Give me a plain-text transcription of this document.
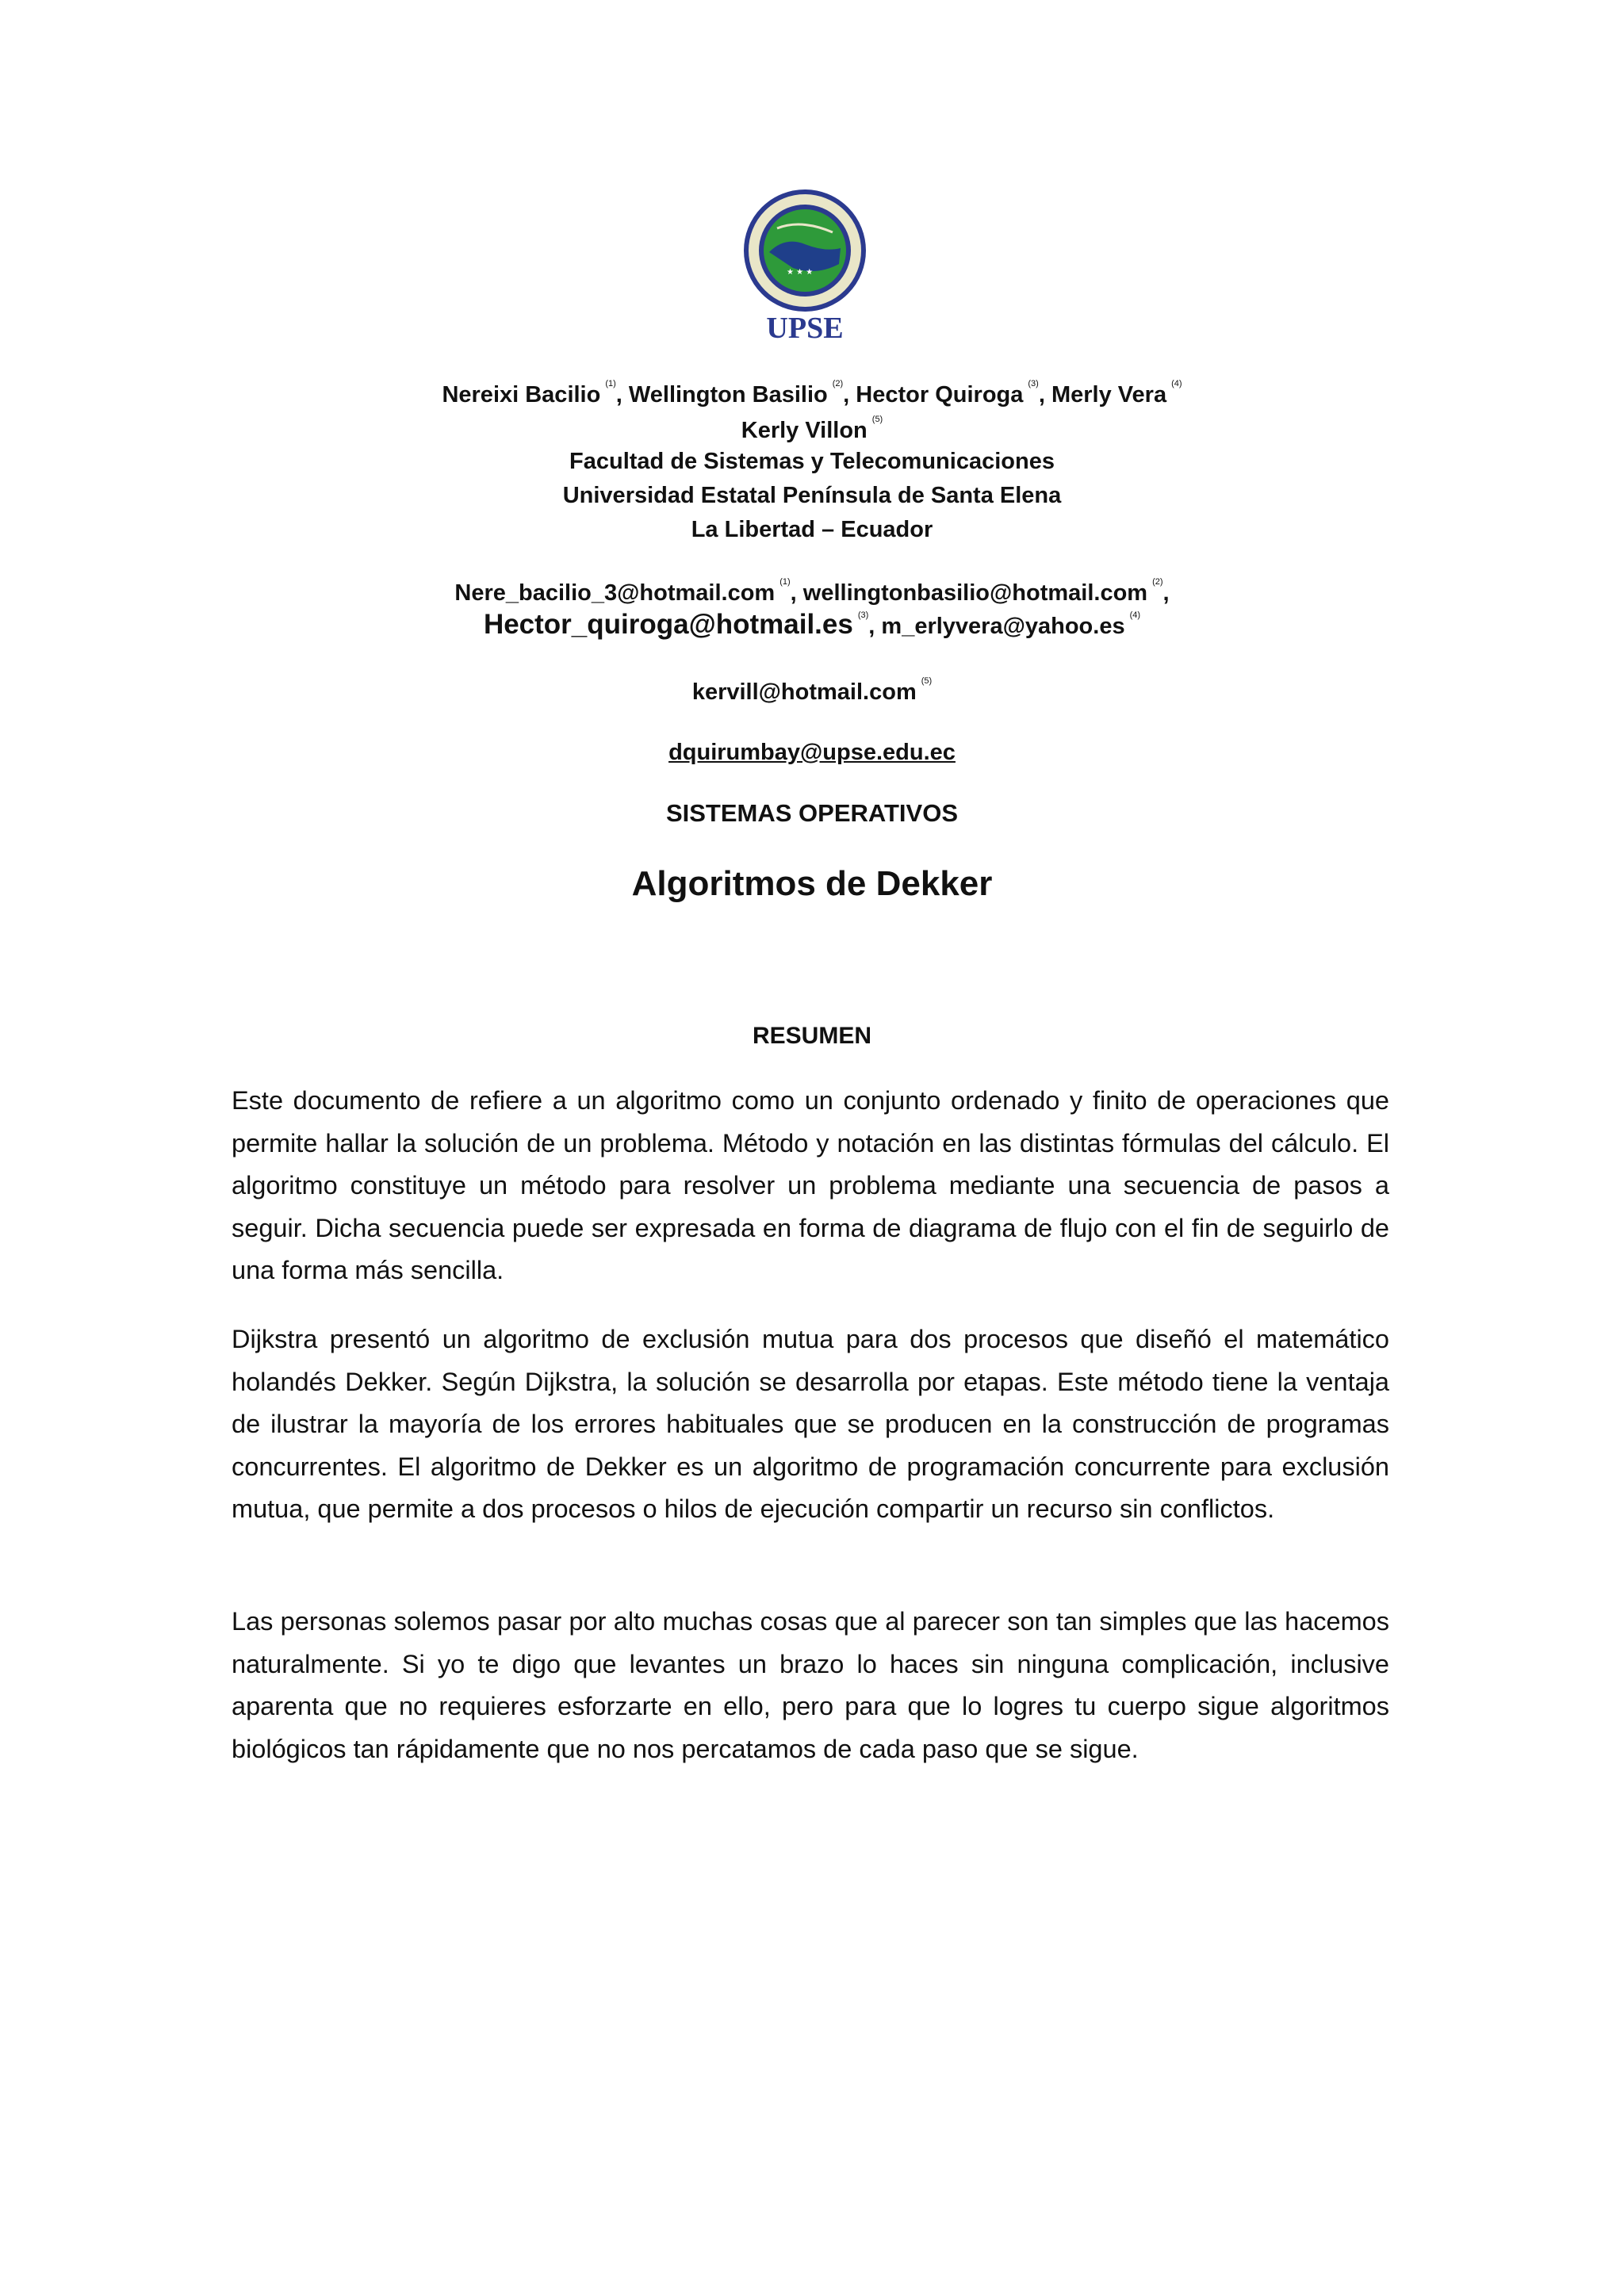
★ ★ ★
UPSE
Nereixi Bacilio $^{(1)}$, Wellington Basilio $^{(2)}$, Hector Quiroga $^{(3)}$, Merly Vera $^{(4)}$
Kerly Villon $^{(5)}$
Facultad de Sistemas y Telecomunicaciones
Universidad Estatal Península de Santa Elena
La Libertad – Ecuador
Nere_bacilio_3@hotmail.com $^{(1)}$, wellingtonbasilio@hotmail.com $^{(2)}$,
Hector_quiroga@hotmail.es $^{(3)}$, m_erlyvera@yahoo.es $^{(4)}$
kervill@hotmail.com $^{(5)}$
dquirumbay@upse.edu.ec
SISTEMAS OPERATIVOS
Algoritmos de Dekker
RESUMEN

Este documento de refiere a un algoritmo como un conjunto ordenado y finito de operaciones que permite hallar la solución de un problema. Método y notación en las distintas fórmulas del cálculo. El algoritmo constituye un método para resolver un problema mediante una secuencia de pasos a seguir. Dicha secuencia puede ser expresada en forma de diagrama de flujo con el fin de seguirlo de una forma más sencilla.

Dijkstra presentó un algoritmo de exclusión mutua para dos procesos que diseñó el matemático holandés Dekker. Según Dijkstra, la solución se desarrolla por etapas. Este método tiene la ventaja de ilustrar la mayoría de los errores habituales que se producen en la construcción de programas concurrentes. El algoritmo de Dekker es un algoritmo de programación concurrente para exclusión mutua, que permite a dos procesos o hilos de ejecución compartir un recurso sin conflictos.

Las personas solemos pasar por alto muchas cosas que al parecer son tan simples que las hacemos naturalmente. Si yo te digo que levantes un brazo lo haces sin ninguna complicación, inclusive aparenta que no requieres esforzarte en ello, pero para que lo logres tu cuerpo sigue algoritmos biológicos tan rápidamente que no nos percatamos de cada paso que se sigue.
